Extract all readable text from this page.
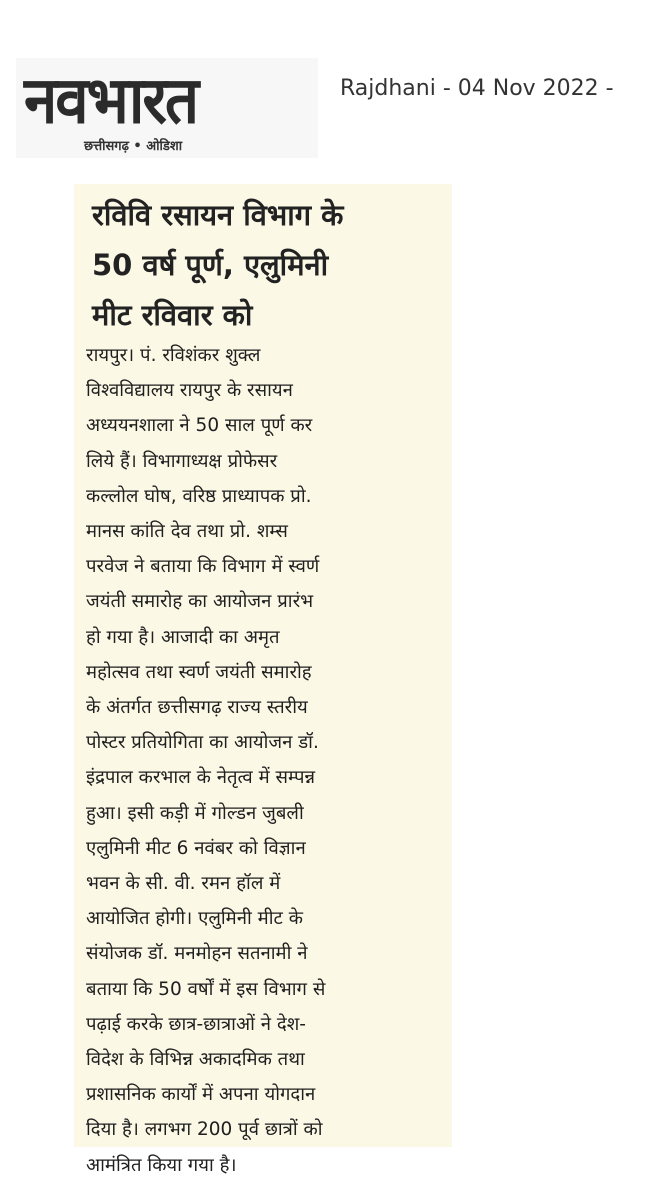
नवभारत
छत्तीसगढ़ • ओडिशा
Rajdhani - 04 Nov 2022 -
रविवि रसायन विभाग के
50 वर्ष पूर्ण, एलुमिनी
मीट रविवार को
रायपुर। पं. रविशंकर शुक्ल
विश्वविद्यालय रायपुर के रसायन
अध्ययनशाला ने 50 साल पूर्ण कर
लिये हैं। विभागाध्यक्ष प्रोफेसर
कल्लोल घोष, वरिष्ठ प्राध्यापक प्रो.
मानस कांति देव तथा प्रो. शम्स
परवेज ने बताया कि विभाग में स्वर्ण
जयंती समारोह का आयोजन प्रारंभ
हो गया है। आजादी का अमृत
महोत्सव तथा स्वर्ण जयंती समारोह
के अंतर्गत छत्तीसगढ़ राज्य स्तरीय
पोस्टर प्रतियोगिता का आयोजन डॉ.
इंद्रपाल करभाल के नेतृत्व में सम्पन्न
हुआ। इसी कड़ी में गोल्डन जुबली
एलुमिनी मीट 6 नवंबर को विज्ञान
भवन के सी. वी. रमन हॉल में
आयोजित होगी। एलुमिनी मीट के
संयोजक डॉ. मनमोहन सतनामी ने
बताया कि 50 वर्षों में इस विभाग से
पढ़ाई करके छात्र-छात्राओं ने देश-
विदेश के विभिन्न अकादमिक तथा
प्रशासनिक कार्यों में अपना योगदान
दिया है। लगभग 200 पूर्व छात्रों को
आमंत्रित किया गया है।
